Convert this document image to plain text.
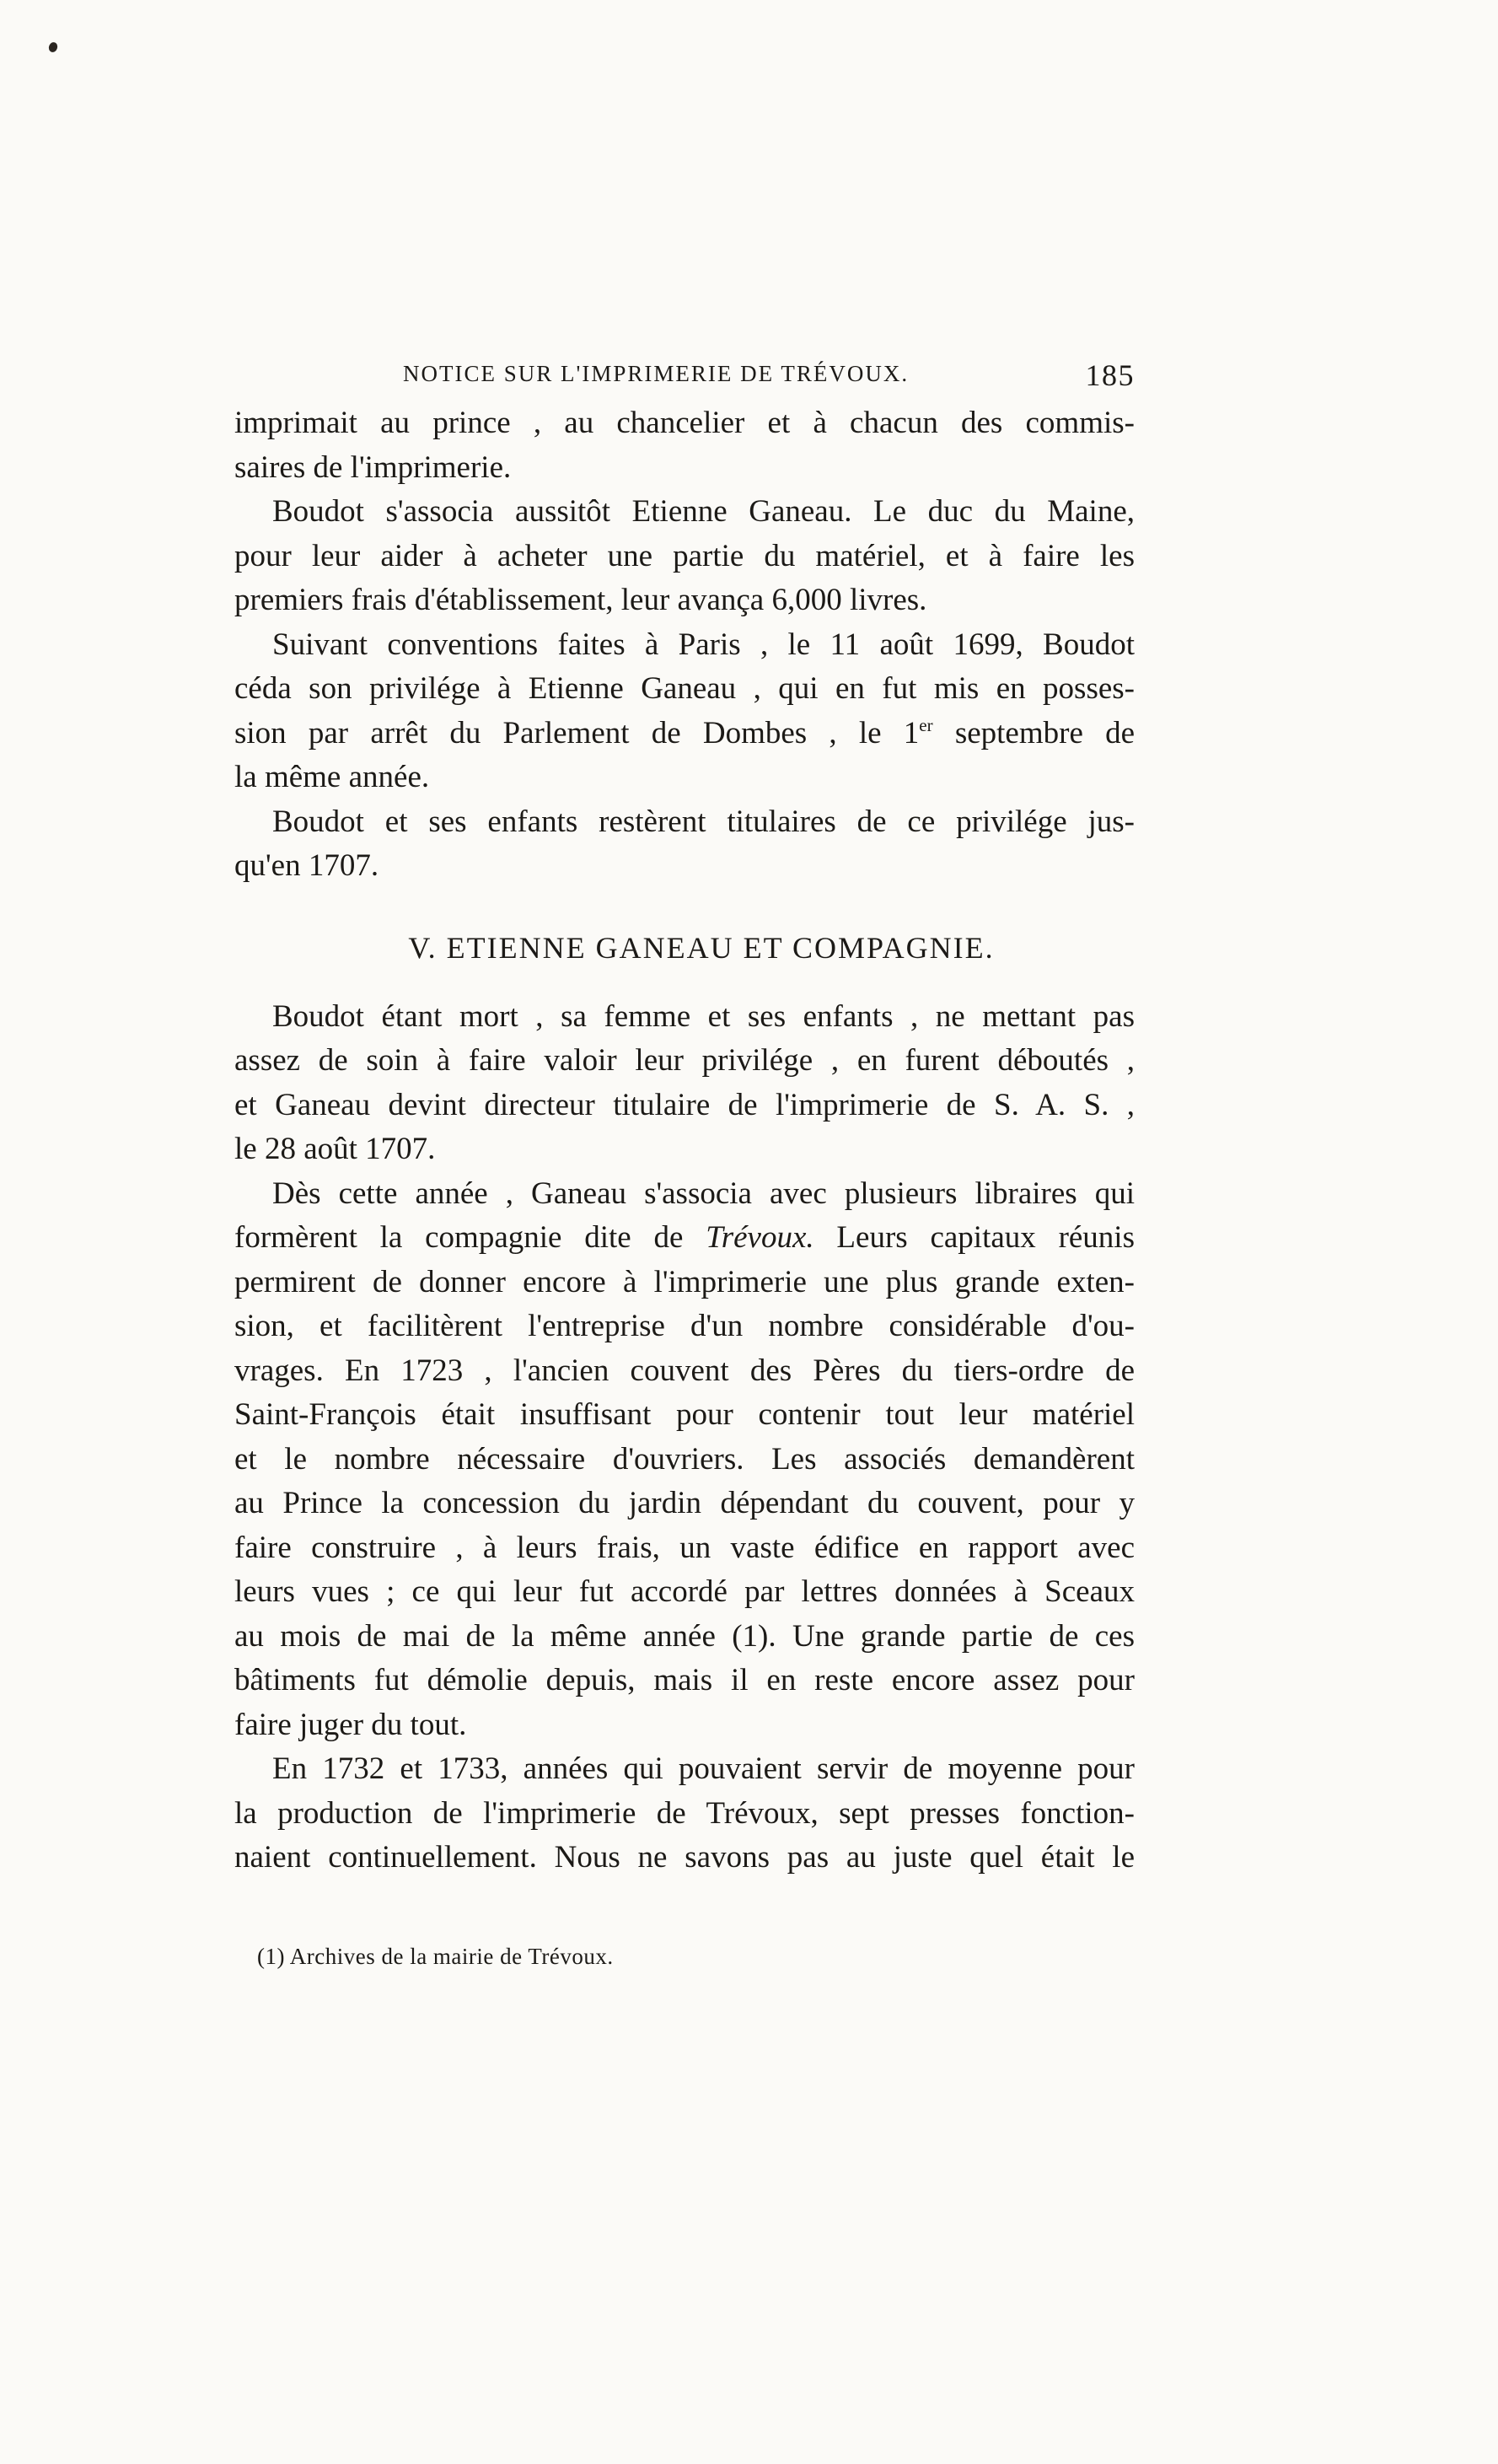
NOTICE SUR L'IMPRIMERIE DE TRÉVOUX.	185
imprimait au prince , au chancelier et à chacun des commis-
saires de l'imprimerie.
Boudot s'associa aussitôt Etienne Ganeau. Le duc du Maine,
pour leur aider à acheter une partie du matériel, et à faire les
premiers frais d'établissement, leur avança 6,000 livres.
Suivant conventions faites à Paris , le 11 août 1699, Boudot
céda son privilége à Etienne Ganeau , qui en fut mis en posses-
sion par arrêt du Parlement de Dombes , le 1er septembre de
la même année.
Boudot et ses enfants restèrent titulaires de ce privilége jus-
qu'en 1707.
V. ETIENNE GANEAU ET COMPAGNIE.
Boudot étant mort , sa femme et ses enfants , ne mettant pas
assez de soin à faire valoir leur privilége , en furent déboutés ,
et Ganeau devint directeur titulaire de l'imprimerie de S. A. S. ,
le 28 août 1707.
Dès cette année , Ganeau s'associa avec plusieurs libraires qui
formèrent la compagnie dite de Trévoux. Leurs capitaux réunis
permirent de donner encore à l'imprimerie une plus grande exten-
sion, et facilitèrent l'entreprise d'un nombre considérable d'ou-
vrages. En 1723 , l'ancien couvent des Pères du tiers-ordre de
Saint-François était insuffisant pour contenir tout leur matériel
et le nombre nécessaire d'ouvriers. Les associés demandèrent
au Prince la concession du jardin dépendant du couvent, pour y
faire construire , à leurs frais, un vaste édifice en rapport avec
leurs vues ; ce qui leur fut accordé par lettres données à Sceaux
au mois de mai de la même année (1). Une grande partie de ces
bâtiments fut démolie depuis, mais il en reste encore assez pour
faire juger du tout.
En 1732 et 1733, années qui pouvaient servir de moyenne pour
la production de l'imprimerie de Trévoux, sept presses fonction-
naient continuellement. Nous ne savons pas au juste quel était le
(1) Archives de la mairie de Trévoux.
